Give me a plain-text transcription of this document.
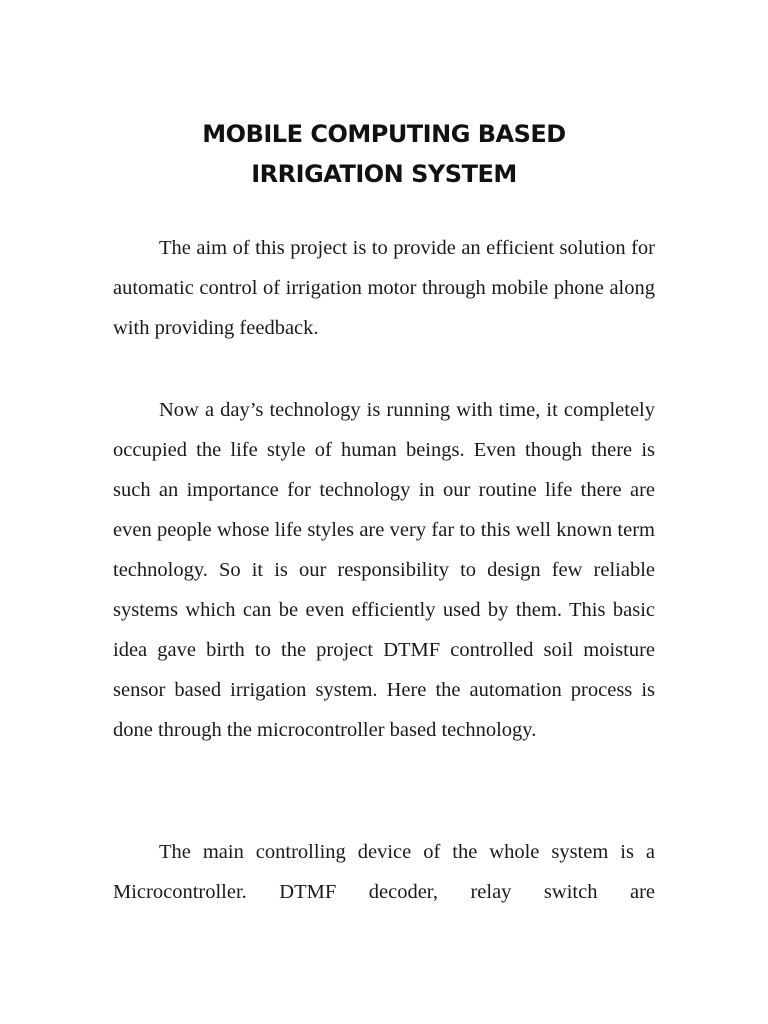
MOBILE COMPUTING BASED
IRRIGATION SYSTEM

The aim of this project is to provide an efficient solution for automatic control of irrigation motor through mobile phone along with providing feedback.

Now a day’s technology is running with time, it completely occupied the life style of human beings. Even though there is such an importance for technology in our routine life there are even people whose life styles are very far to this well known term technology. So it is our responsibility to design few reliable systems which can be even efficiently used by them. This basic idea gave birth to the project DTMF controlled soil moisture sensor based irrigation system. Here the automation process is done through the microcontroller based technology.

The main controlling device of the whole system is a Microcontroller. DTMF decoder, relay switch are
